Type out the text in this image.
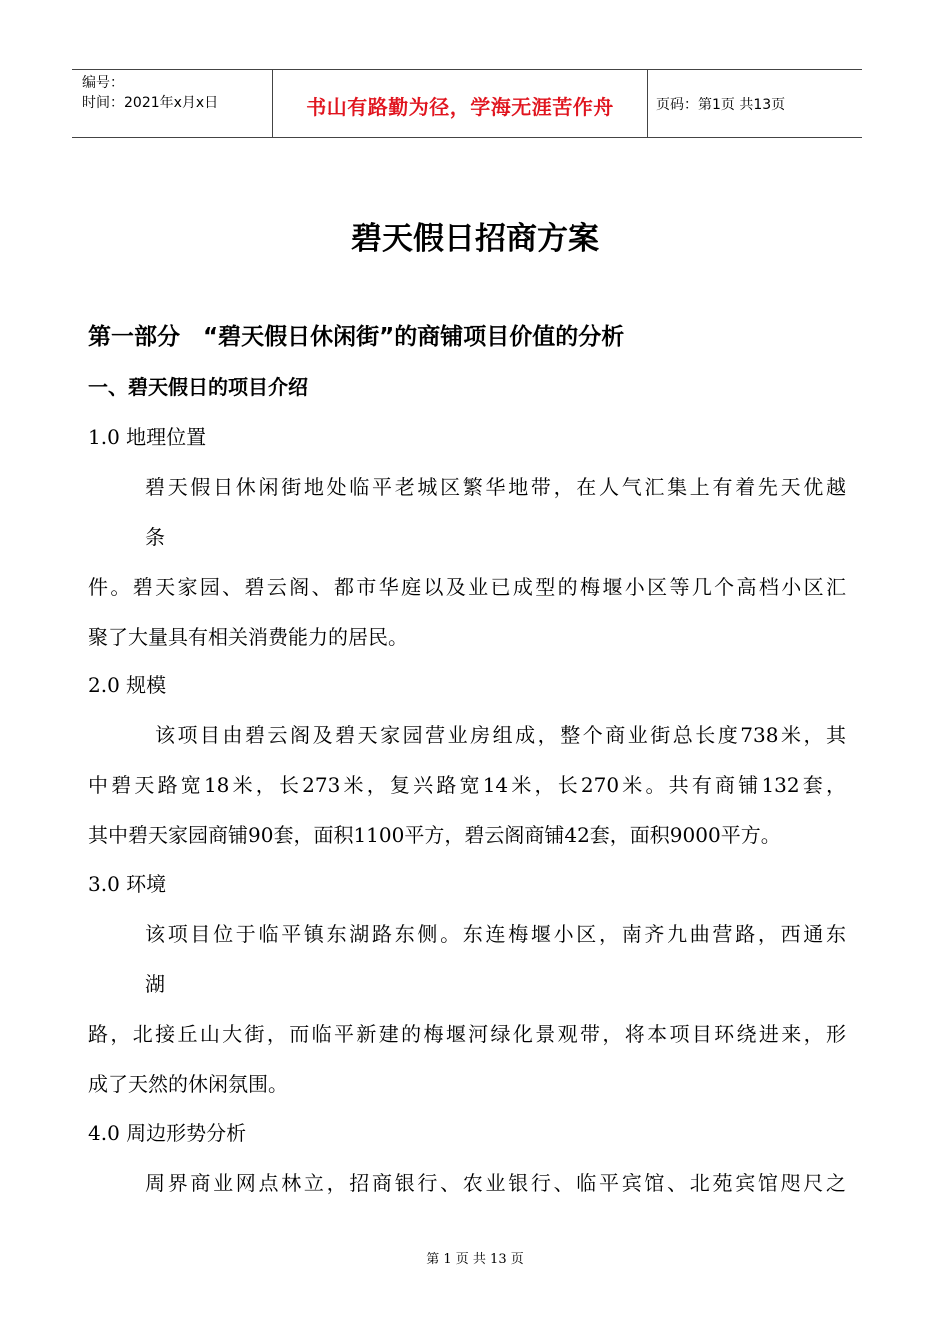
编号：
时间：2021年x月x日	书山有路勤为径，学海无涯苦作舟	页码：第1页 共13页
碧天假日招商方案
第一部分　“碧天假日休闲街”的商铺项目价值的分析
一、碧天假日的项目介绍
1.0 地理位置
碧天假日休闲街地处临平老城区繁华地带，在人气汇集上有着先天优越
条
件。碧天家园、碧云阁、都市华庭以及业已成型的梅堰小区等几个高档小区汇
聚了大量具有相关消费能力的居民。
2.0 规模
该项目由碧云阁及碧天家园营业房组成，整个商业街总长度738米，其
中碧天路宽18米，长273米，复兴路宽14米，长270米。共有商铺132套，
其中碧天家园商铺90套，面积1100平方，碧云阁商铺42套，面积9000平方。
3.0 环境
该项目位于临平镇东湖路东侧。东连梅堰小区，南齐九曲营路，西通东
湖
路，北接丘山大街，而临平新建的梅堰河绿化景观带，将本项目环绕进来，形
成了天然的休闲氛围。
4.0 周边形势分析
周界商业网点林立，招商银行、农业银行、临平宾馆、北苑宾馆咫尺之
第 1 页 共 13 页
